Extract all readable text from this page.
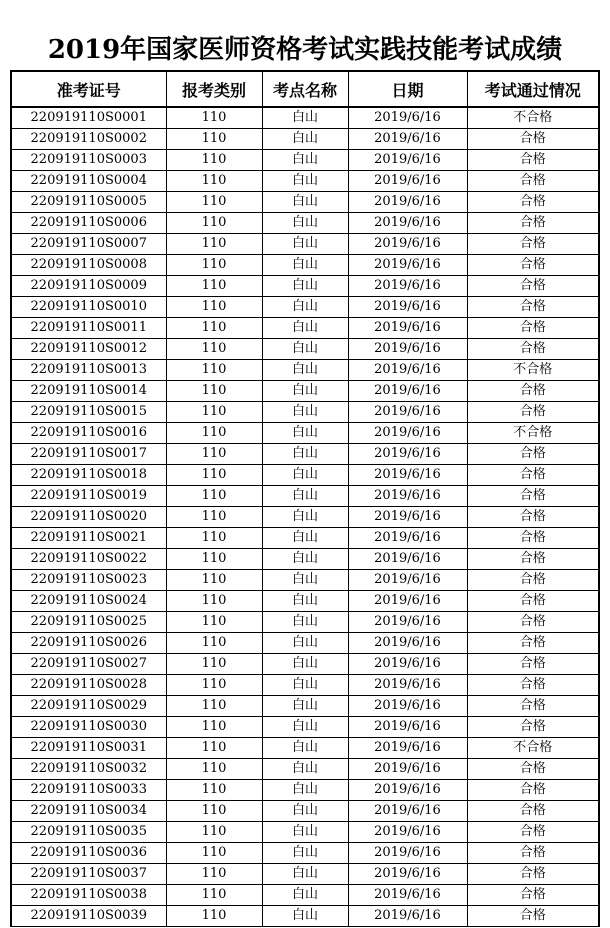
2019年国家医师资格考试实践技能考试成绩
准考证号	报考类别	考点名称	日期	考试通过情况
220919110S0001	110	白山	2019/6/16	不合格
220919110S0002	110	白山	2019/6/16	合格
220919110S0003	110	白山	2019/6/16	合格
220919110S0004	110	白山	2019/6/16	合格
220919110S0005	110	白山	2019/6/16	合格
220919110S0006	110	白山	2019/6/16	合格
220919110S0007	110	白山	2019/6/16	合格
220919110S0008	110	白山	2019/6/16	合格
220919110S0009	110	白山	2019/6/16	合格
220919110S0010	110	白山	2019/6/16	合格
220919110S0011	110	白山	2019/6/16	合格
220919110S0012	110	白山	2019/6/16	合格
220919110S0013	110	白山	2019/6/16	不合格
220919110S0014	110	白山	2019/6/16	合格
220919110S0015	110	白山	2019/6/16	合格
220919110S0016	110	白山	2019/6/16	不合格
220919110S0017	110	白山	2019/6/16	合格
220919110S0018	110	白山	2019/6/16	合格
220919110S0019	110	白山	2019/6/16	合格
220919110S0020	110	白山	2019/6/16	合格
220919110S0021	110	白山	2019/6/16	合格
220919110S0022	110	白山	2019/6/16	合格
220919110S0023	110	白山	2019/6/16	合格
220919110S0024	110	白山	2019/6/16	合格
220919110S0025	110	白山	2019/6/16	合格
220919110S0026	110	白山	2019/6/16	合格
220919110S0027	110	白山	2019/6/16	合格
220919110S0028	110	白山	2019/6/16	合格
220919110S0029	110	白山	2019/6/16	合格
220919110S0030	110	白山	2019/6/16	合格
220919110S0031	110	白山	2019/6/16	不合格
220919110S0032	110	白山	2019/6/16	合格
220919110S0033	110	白山	2019/6/16	合格
220919110S0034	110	白山	2019/6/16	合格
220919110S0035	110	白山	2019/6/16	合格
220919110S0036	110	白山	2019/6/16	合格
220919110S0037	110	白山	2019/6/16	合格
220919110S0038	110	白山	2019/6/16	合格
220919110S0039	110	白山	2019/6/16	合格
